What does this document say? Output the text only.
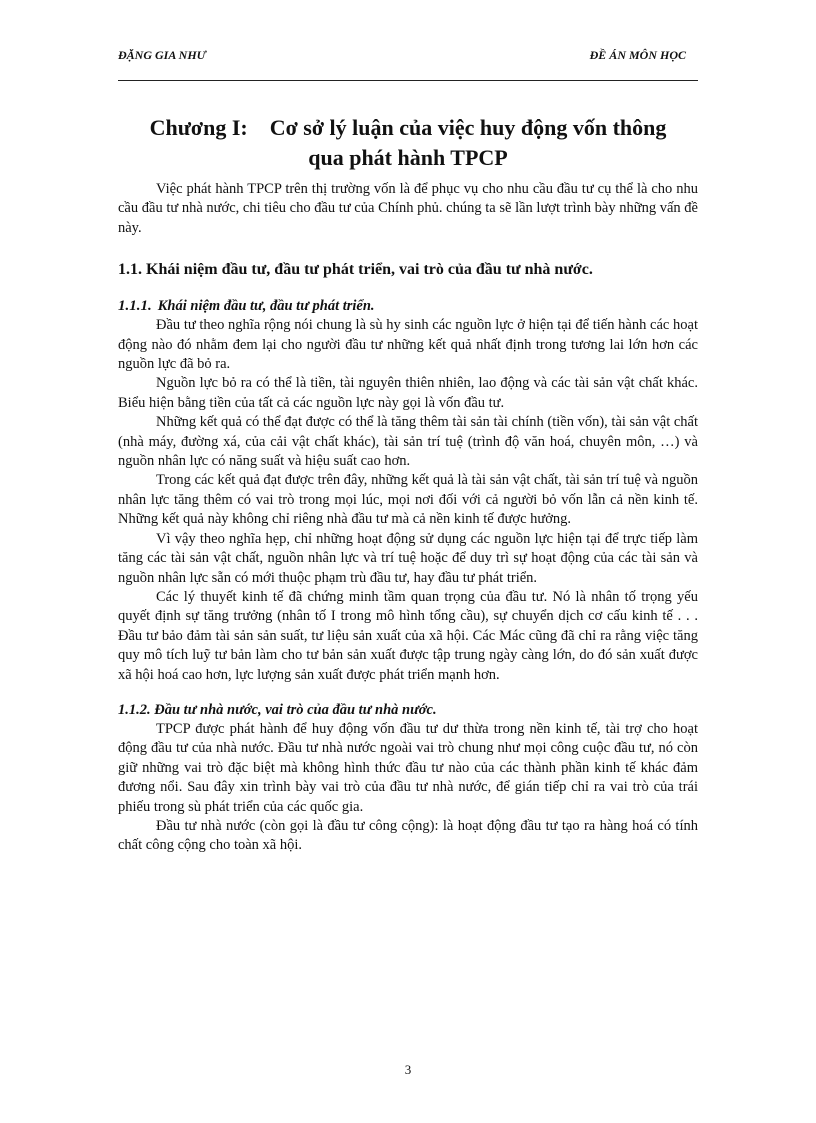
ĐẶNG GIA NHƯ	ĐỀ ÁN MÔN HỌC
Chương I:    Cơ sở lý luận của việc huy động vốn thông
qua phát hành TPCP

Việc phát hành TPCP trên thị trường vốn là để phục vụ cho nhu cầu đầu tư cụ thể là cho nhu cầu đầu tư nhà nước, chi tiêu cho đầu tư của Chính phủ. chúng ta sẽ lần lượt trình bày những vấn đề này.

1.1. Khái niệm đầu tư, đầu tư phát triển, vai trò của đầu tư nhà nước.
1.1.1. Khái niệm đầu tư, đầu tư phát triển.

Đầu tư theo nghĩa rộng nói chung là sù hy sinh các nguồn lực ở hiện tại để tiến hành các hoạt động nào đó nhằm đem lại cho người đầu tư những kết quả nhất định trong tương lai lớn hơn các nguồn lực đã bỏ ra.

Nguồn lực bỏ ra có thể là tiền, tài nguyên thiên nhiên, lao động và các tài sản vật chất khác. Biểu hiện bằng tiền của tất cả các nguồn lực này gọi là vốn đầu tư.

Những kết quả có thể đạt được có thể là tăng thêm tài sản tài chính (tiền vốn), tài sản vật chất (nhà máy, đường xá, của cải vật chất khác), tài sản trí tuệ (trình độ văn hoá, chuyên môn, …) và nguồn nhân lực có năng suất và hiệu suất cao hơn.

Trong các kết quả đạt được trên đây, những kết quả là tài sản vật chất, tài sản trí tuệ và nguồn nhân lực tăng thêm có vai trò trong mọi lúc, mọi nơi đối với cả người bỏ vốn lẫn cả nền kinh tế. Những kết quả này không chỉ riêng nhà đầu tư mà cả nền kinh tế được hưởng.

Vì vậy theo nghĩa hẹp, chỉ những hoạt động sử dụng các nguồn lực hiện tại để trực tiếp làm tăng các tài sản vật chất, nguồn nhân lực và trí tuệ hoặc để duy trì sự hoạt động của các tài sản và nguồn nhân lực sẵn có mới thuộc phạm trù đầu tư, hay đầu tư phát triển.

Các lý thuyết kinh tế đã chứng minh tầm quan trọng của đầu tư. Nó là nhân tố trọng yếu quyết định sự tăng trưởng (nhân tố I trong mô hình tổng cầu), sự chuyển dịch cơ cấu kinh tế . . . Đầu tư bảo đảm tài sản sản suất, tư liệu sản xuất của xã hội. Các Mác cũng đã chỉ ra rằng việc tăng quy mô tích luỹ tư bản làm cho tư bản sản xuất được tập trung ngày càng lớn, do đó sản xuất được xã hội hoá cao hơn, lực lượng sản xuất được phát triển mạnh hơn.

1.1.2. Đầu tư nhà nước, vai trò của đầu tư nhà nước.

TPCP được phát hành để huy động vốn đầu tư dư thừa trong nền kinh tế, tài trợ cho hoạt động đầu tư của nhà nước. Đầu tư nhà nước ngoài vai trò chung như mọi công cuộc đầu tư, nó còn giữ những vai trò đặc biệt mà không hình thức đầu tư nào của các thành phần kinh tế khác đảm đương nổi. Sau đây xin trình bày vai trò của đầu tư nhà nước, để gián tiếp chỉ ra vai trò của trái phiếu trong sù phát triển của các quốc gia.

Đầu tư nhà nước (còn gọi là đầu tư công cộng): là hoạt động đầu tư tạo ra hàng hoá có tính chất công cộng cho toàn xã hội.

3
